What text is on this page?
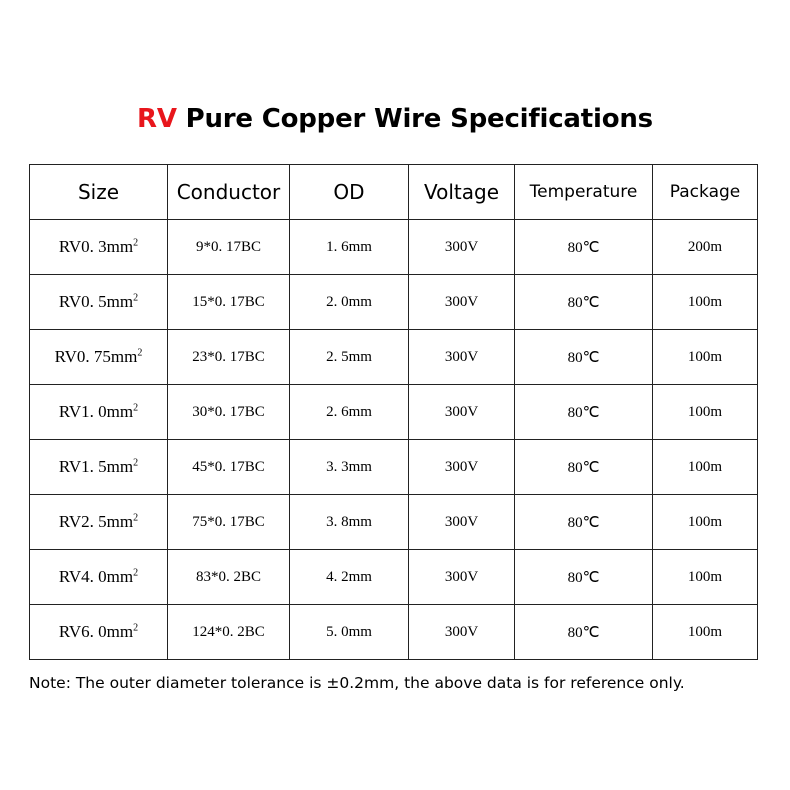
RV Pure Copper Wire Specifications
Size	Conductor	OD	Voltage	Temperature	Package
RV0. $3mm^2$	9*0. 17BC	1. 6mm	300V	80℃	200m
RV0. $5mm^2$	15*0. 17BC	2. 0mm	300V	80℃	100m
RV0. $75mm^2$	23*0. 17BC	2. 5mm	300V	80℃	100m
RV1. $0mm^2$	30*0. 17BC	2. 6mm	300V	80℃	100m
RV1. $5mm^2$	45*0. 17BC	3. 3mm	300V	80℃	100m
RV2. $5mm^2$	75*0. 17BC	3. 8mm	300V	80℃	100m
RV4. $0mm^2$	83*0. 2BC	4. 2mm	300V	80℃	100m
RV6. $0mm^2$	124*0. 2BC	5. 0mm	300V	80℃	100m
Note: The outer diameter tolerance is ±0.2mm, the above data is for reference only.
